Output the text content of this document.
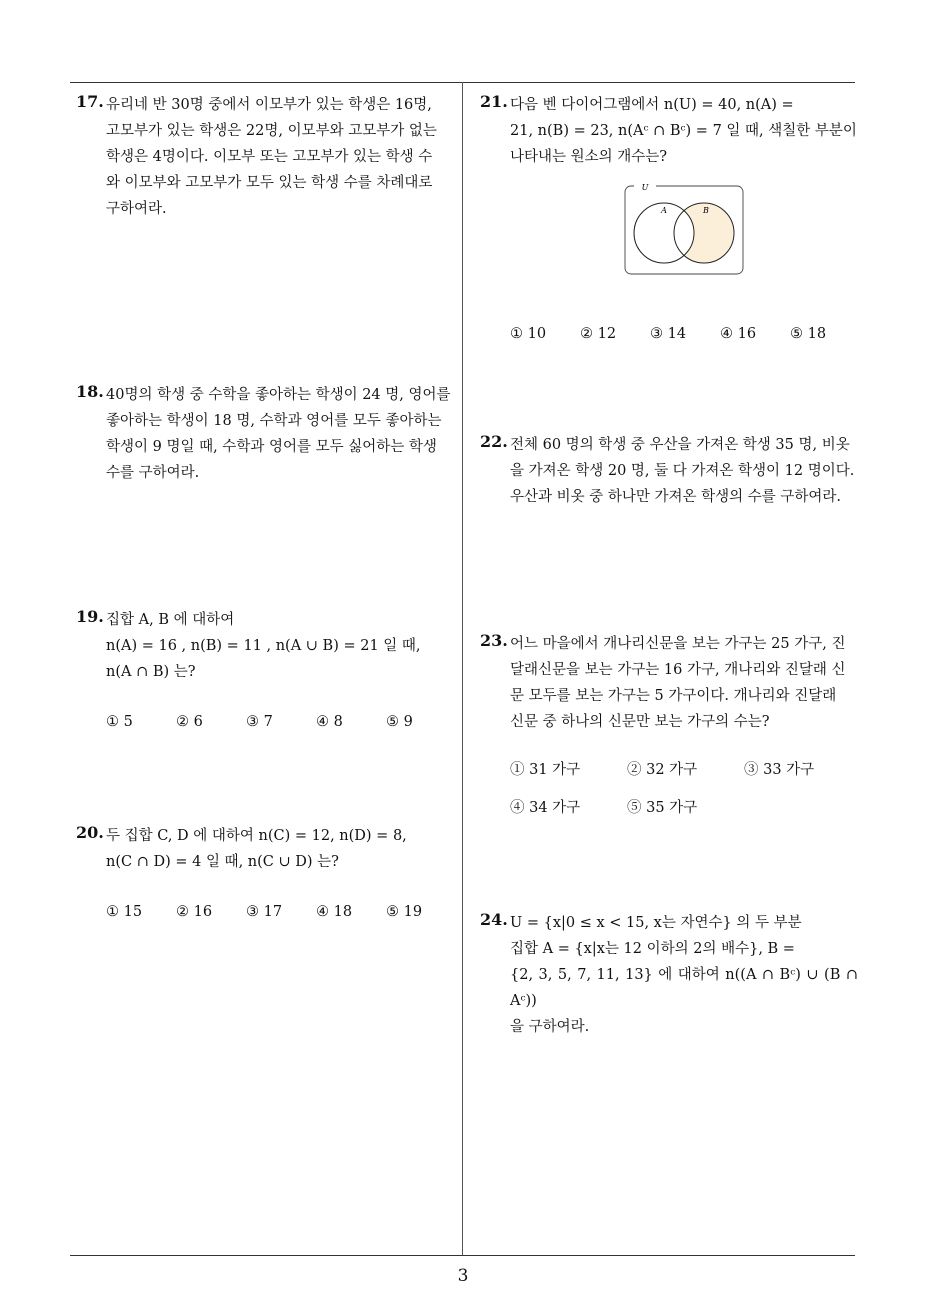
17. 유리네 반 30명 중에서 이모부가 있는 학생은 16명,

고모부가 있는 학생은 22명, 이모부와 고모부가 없는

학생은 4명이다. 이모부 또는 고모부가 있는 학생 수

와 이모부와 고모부가 모두 있는 학생 수를 차례대로

구하여라.

18. 40명의 학생 중 수학을 좋아하는 학생이 24 명, 영어를

좋아하는 학생이 18 명, 수학과 영어를 모두 좋아하는

학생이 9 명일 때, 수학과 영어를 모두 싫어하는 학생

수를 구하여라.

19. 집합 A, B 에 대하여

n(A) = 16 , n(B) = 11 , n(A ∪ B) = 21 일 때,

n(A ∩ B) 는?

① 5	② 6	③ 7	④ 8	⑤ 9
20. 두 집합 C, D 에 대하여 n(C) = 12, n(D) = 8,

n(C ∩ D) = 4 일 때, n(C ∪ D) 는?

① 15	② 16	③ 17	④ 18	⑤ 19
21. 다음 벤 다이어그램에서 n(U) = 40, n(A) =

21, n(B) = 23, n(Aᶜ ∩ Bᶜ) = 7 일 때, 색칠한 부분이

나타내는 원소의 개수는?

U
A	B
① 10	② 12	③ 14	④ 16	⑤ 18
22. 전체 60 명의 학생 중 우산을 가져온 학생 35 명, 비옷

을 가져온 학생 20 명, 둘 다 가져온 학생이 12 명이다.

우산과 비옷 중 하나만 가져온 학생의 수를 구하여라.

23. 어느 마을에서 개나리신문을 보는 가구는 25 가구, 진

달래신문을 보는 가구는 16 가구, 개나리와 진달래 신

문 모두를 보는 가구는 5 가구이다. 개나리와 진달래

신문 중 하나의 신문만 보는 가구의 수는?

① 31 가구	② 32 가구	③ 33 가구
④ 34 가구	⑤ 35 가구
24. U = {x|0 ≤ x < 15, x는 자연수} 의 두 부분

집합 A = {x|x는 12 이하의 2의 배수}, B =

{2, 3, 5, 7, 11, 13} 에 대하여 n((A ∩ Bᶜ) ∪ (B ∩ Aᶜ))

을 구하여라.

3
